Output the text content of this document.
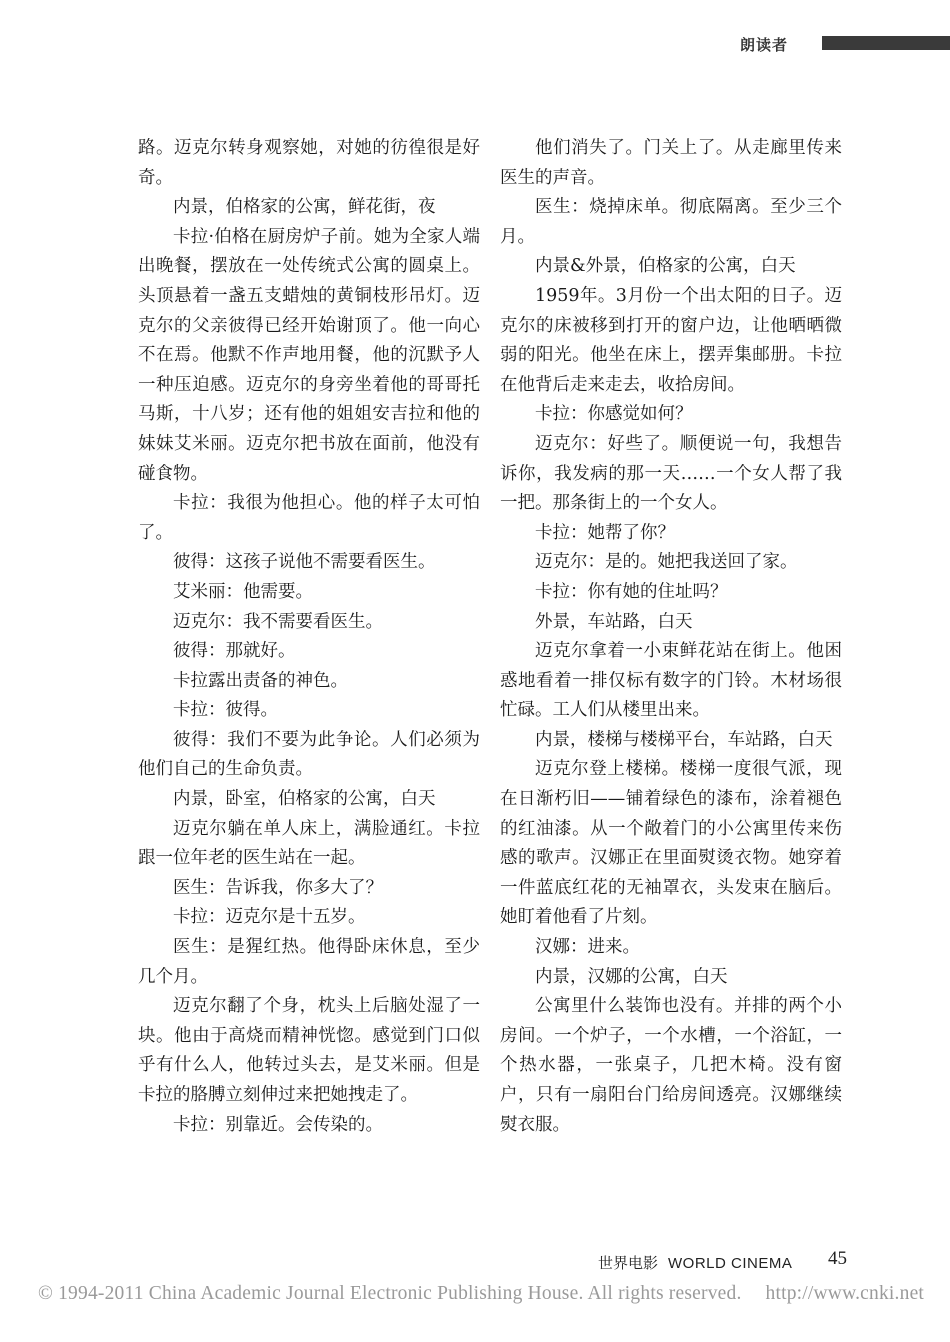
朗读者

路。迈克尔转身观察她，对她的彷徨很是好奇。

内景，伯格家的公寓，鲜花街，夜

卡拉·伯格在厨房炉子前。她为全家人端出晚餐，摆放在一处传统式公寓的圆桌上。头顶悬着一盏五支蜡烛的黄铜枝形吊灯。迈克尔的父亲彼得已经开始谢顶了。他一向心不在焉。他默不作声地用餐，他的沉默予人一种压迫感。迈克尔的身旁坐着他的哥哥托马斯，十八岁；还有他的姐姐安吉拉和他的妹妹艾米丽。迈克尔把书放在面前，他没有碰食物。

卡拉：我很为他担心。他的样子太可怕了。

彼得：这孩子说他不需要看医生。

艾米丽：他需要。

迈克尔：我不需要看医生。

彼得：那就好。

卡拉露出责备的神色。

卡拉：彼得。

彼得：我们不要为此争论。人们必须为他们自己的生命负责。

内景，卧室，伯格家的公寓，白天

迈克尔躺在单人床上，满脸通红。卡拉跟一位年老的医生站在一起。

医生：告诉我，你多大了？

卡拉：迈克尔是十五岁。

医生：是猩红热。他得卧床休息，至少几个月。

迈克尔翻了个身，枕头上后脑处湿了一块。他由于高烧而精神恍惚。感觉到门口似乎有什么人，他转过头去，是艾米丽。但是卡拉的胳膊立刻伸过来把她拽走了。

卡拉：别靠近。会传染的。

他们消失了。门关上了。从走廊里传来医生的声音。

医生：烧掉床单。彻底隔离。至少三个月。

内景&外景，伯格家的公寓，白天

1959年。3月份一个出太阳的日子。迈克尔的床被移到打开的窗户边，让他晒晒微弱的阳光。他坐在床上，摆弄集邮册。卡拉在他背后走来走去，收拾房间。

卡拉：你感觉如何？

迈克尔：好些了。顺便说一句，我想告诉你，我发病的那一天……一个女人帮了我一把。那条街上的一个女人。

卡拉：她帮了你？

迈克尔：是的。她把我送回了家。

卡拉：你有她的住址吗？

外景，车站路，白天

迈克尔拿着一小束鲜花站在街上。他困惑地看着一排仅标有数字的门铃。木材场很忙碌。工人们从楼里出来。

内景，楼梯与楼梯平台，车站路，白天

迈克尔登上楼梯。楼梯一度很气派，现在日渐朽旧——铺着绿色的漆布，涂着褪色的红油漆。从一个敞着门的小公寓里传来伤感的歌声。汉娜正在里面熨烫衣物。她穿着一件蓝底红花的无袖罩衣，头发束在脑后。她盯着他看了片刻。

汉娜：进来。

内景，汉娜的公寓，白天

公寓里什么装饰也没有。并排的两个小房间。一个炉子，一个水槽，一个浴缸，一个热水器，一张桌子，几把木椅。没有窗户，只有一扇阳台门给房间透亮。汉娜继续熨衣服。

世界电影 WORLD CINEMA 45
© 1994-2011 China Academic Journal Electronic Publishing House. All rights reserved. http://www.cnki.net
